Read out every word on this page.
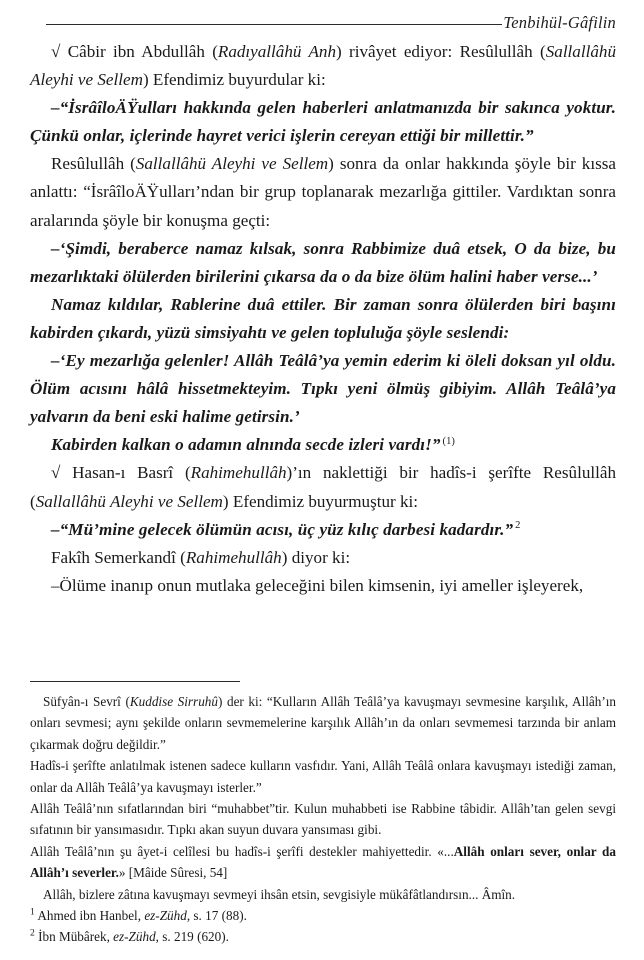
Tenbihül-Gâfilin

√ Câbir ibn Abdullâh (Radıyallâhü Anh) rivâyet ediyor: Resûlullâh (Sallallâhü Aleyhi ve Sellem) Efendimiz buyurdular ki:

–“İsrâîloÄŸulları hakkında gelen haberleri anlatmanızda bir sakınca yoktur. Çünkü onlar, içlerinde hayret verici işlerin cereyan ettiği bir millettir.”

Resûlullâh (Sallallâhü Aleyhi ve Sellem) sonra da onlar hakkında şöyle bir kıssa anlattı: “İsrâîloÄŸulları’ndan bir grup toplanarak mezarlığa gittiler. Vardıktan sonra aralarında şöyle bir konuşma geçti:

–‘Şimdi, beraberce namaz kılsak, sonra Rabbimize duâ etsek, O da bize, bu mezarlıktaki ölülerden birilerini çıkarsa da o da bize ölüm halini haber verse...’

Namaz kıldılar, Rablerine duâ ettiler. Bir zaman sonra ölülerden biri başını kabirden çıkardı, yüzü simsiyahtı ve gelen topluluğa şöyle seslendi:

–‘Ey mezarlığa gelenler! Allâh Teâlâ’ya yemin ederim ki öleli doksan yıl oldu. Ölüm acısını hâlâ hissetmekteyim. Tıpkı yeni ölmüş gibiyim. Allâh Teâlâ’ya yalvarın da beni eski halime getirsin.’

Kabirden kalkan o adamın alnında secde izleri vardı!” $^{(1)}$

√ Hasan-ı Basrî (Rahimehullâh)’ın naklettiği bir hadîs-i şerîfte Resûlullâh (Sallallâhü Aleyhi ve Sellem) Efendimiz buyurmuştur ki:

–“Mü’mine gelecek ölümün acısı, üç yüz kılıç darbesi kadardır.” $^2$

Fakîh Semerkandî (Rahimehullâh) diyor ki:

–Ölüme inanıp onun mutlaka geleceğini bilen kimsenin, iyi ameller işleyerek,

Süfyân-ı Sevrî (Kuddise Sirruhû) der ki: “Kulların Allâh Teâlâ’ya kavuşmayı sevmesine karşılık, Allâh’ın onları sevmesi; aynı şekilde onların sevmemelerine karşılık Allâh’ın da onları sevmemesi tarzında bir anlam çıkarmak doğru değildir.”

Hadîs-i şerîfte anlatılmak istenen sadece kulların vasfıdır. Yani, Allâh Teâlâ onlara kavuşmayı istediği zaman, onlar da Allâh Teâlâ’ya kavuşmayı isterler.”

Allâh Teâlâ’nın sıfatlarından biri “muhabbet”tir. Kulun muhabbeti ise Rabbine tâbidir. Allâh’tan gelen sevgi sıfatının bir yansımasıdır. Tıpkı akan suyun duvara yansıması gibi.

Allâh Teâlâ’nın şu âyet-i celîlesi bu hadîs-i şerîfi destekler mahiyettedir. «...Allâh onları sever, onlar da Allâh’ı severler.» [Mâide Sûresi, 54]

Allâh, bizlere zâtına kavuşmayı sevmeyi ihsân etsin, sevgisiyle mükâfâtlandırsın... Âmîn.

$^1$ Ahmed ibn Hanbel, ez-Zühd, s. 17 (88).

$^2$ İbn Mübârek, ez-Zühd, s. 219 (620).
